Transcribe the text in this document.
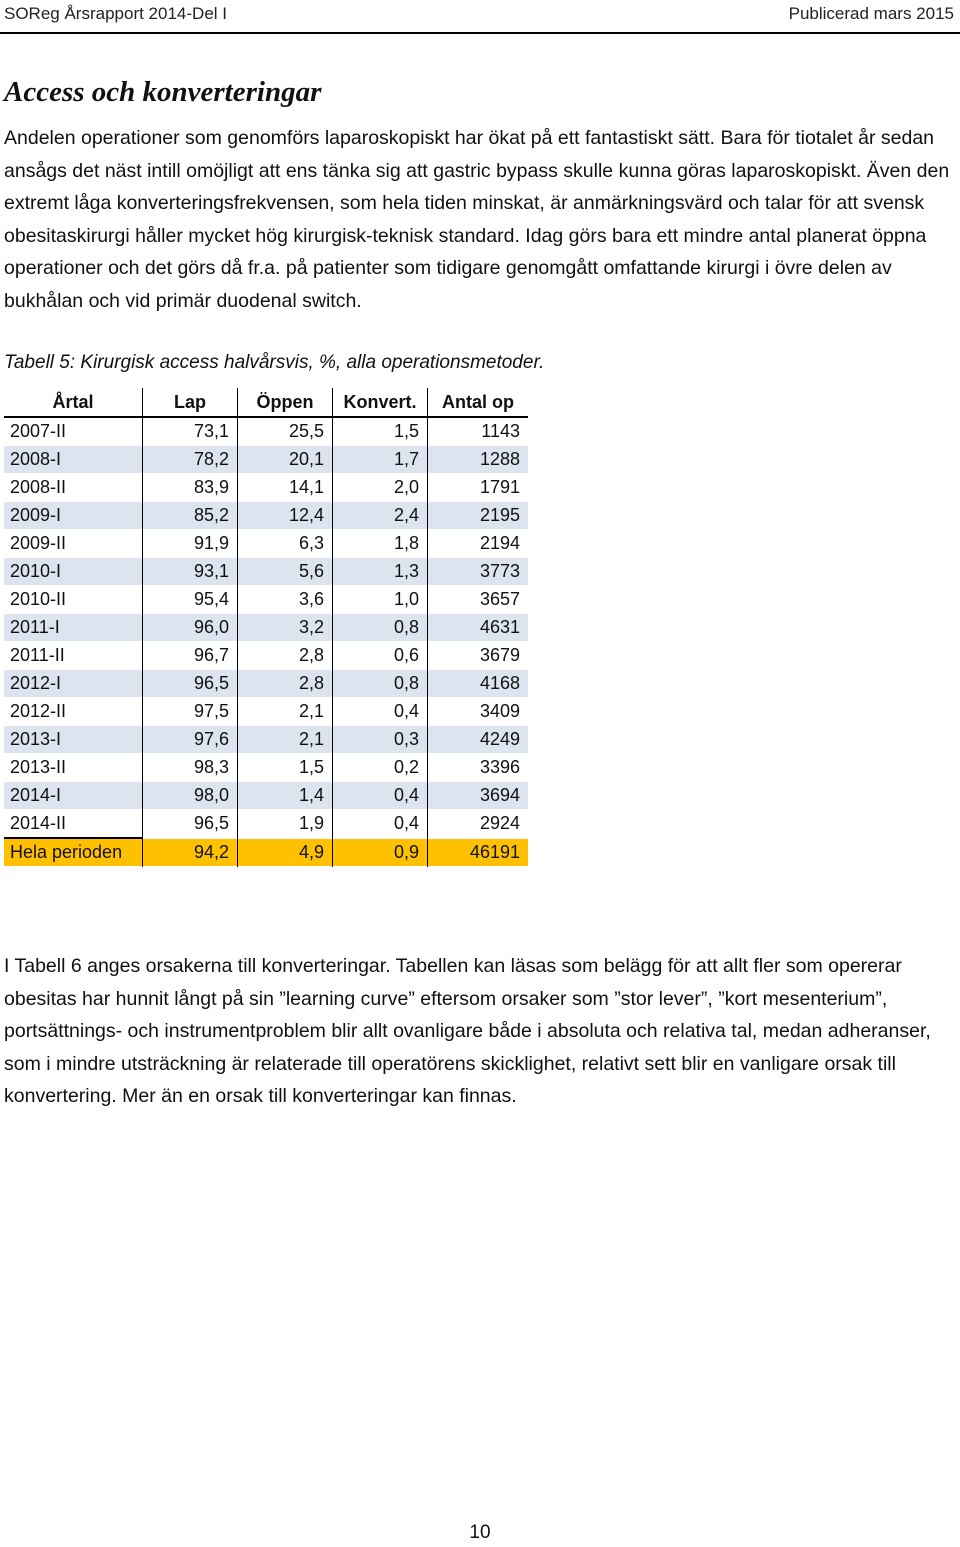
SOReg Årsrapport 2014-Del I	Publicerad mars 2015
Access och konverteringar

Andelen operationer som genomförs laparoskopiskt har ökat på ett fantastiskt sätt. Bara för tiotalet år sedan ansågs det näst intill omöjligt att ens tänka sig att gastric bypass skulle kunna göras laparoskopiskt. Även den extremt låga konverteringsfrekvensen, som hela tiden minskat, är anmärkningsvärd och talar för att svensk obesitaskirurgi håller mycket hög kirurgisk-teknisk standard. Idag görs bara ett mindre antal planerat öppna operationer och det görs då fr.a. på patienter som tidigare genomgått omfattande kirurgi i övre delen av bukhålan och vid primär duodenal switch.

Tabell 5: Kirurgisk access halvårsvis, %, alla operationsmetoder.
Årtal	Lap	Öppen	Konvert.	Antal op
2007-II	73,1	25,5	1,5	1143
2008-I	78,2	20,1	1,7	1288
2008-II	83,9	14,1	2,0	1791
2009-I	85,2	12,4	2,4	2195
2009-II	91,9	6,3	1,8	2194
2010-I	93,1	5,6	1,3	3773
2010-II	95,4	3,6	1,0	3657
2011-I	96,0	3,2	0,8	4631
2011-II	96,7	2,8	0,6	3679
2012-I	96,5	2,8	0,8	4168
2012-II	97,5	2,1	0,4	3409
2013-I	97,6	2,1	0,3	4249
2013-II	98,3	1,5	0,2	3396
2014-I	98,0	1,4	0,4	3694
2014-II	96,5	1,9	0,4	2924
Hela perioden	94,2	4,9	0,9	46191

I Tabell 6 anges orsakerna till konverteringar. Tabellen kan läsas som belägg för att allt fler som opererar obesitas har hunnit långt på sin ”learning curve” eftersom orsaker som ”stor lever”, ”kort mesenterium”, portsättnings- och instrumentproblem blir allt ovanligare både i absoluta och relativa tal, medan adheranser, som i mindre utsträckning är relaterade till operatörens skicklighet, relativt sett blir en vanligare orsak till konvertering. Mer än en orsak till konverteringar kan finnas.

10
